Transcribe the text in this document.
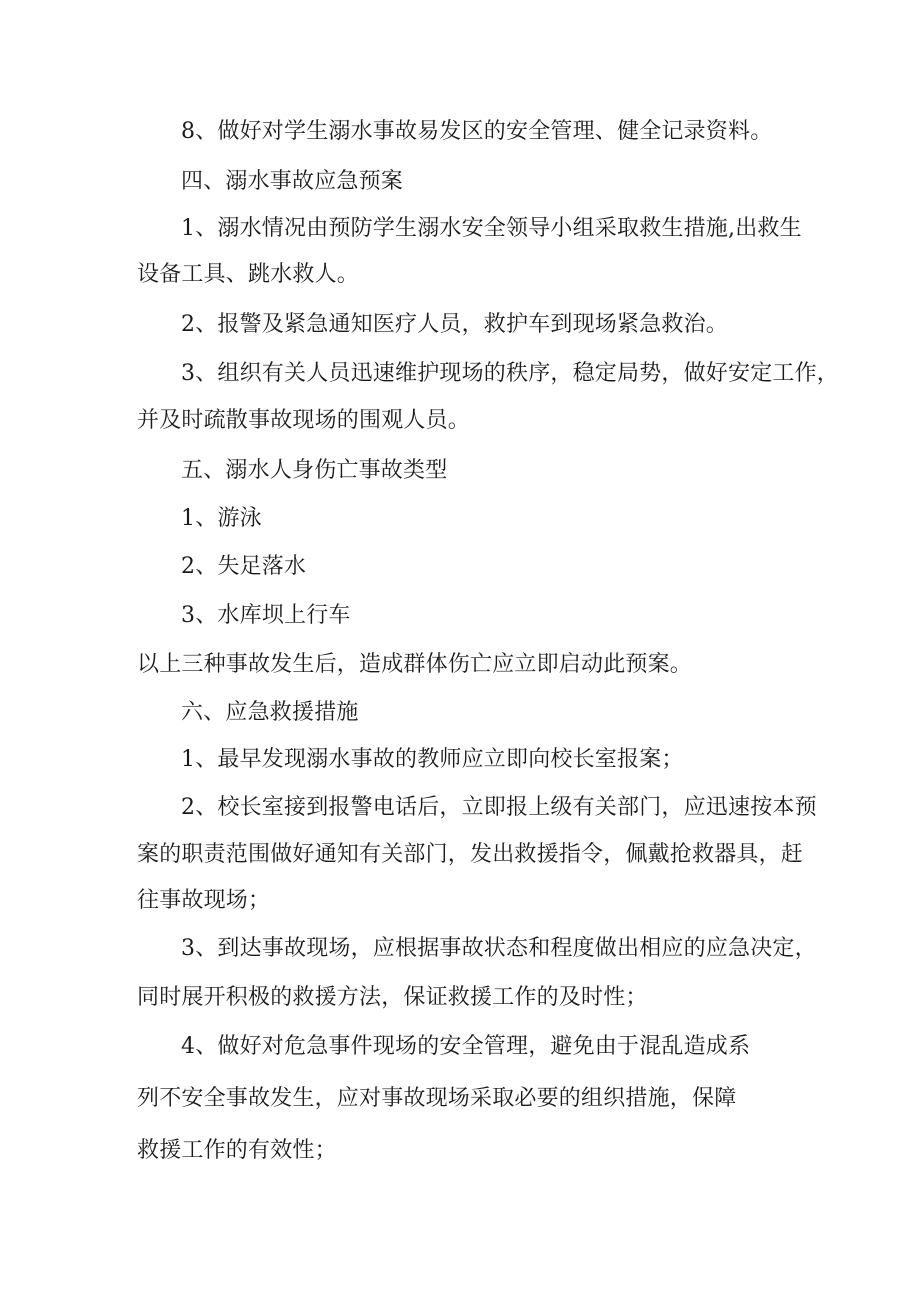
8、做好对学生溺水事故易发区的安全管理、健全记录资料。
四、溺水事故应急预案
1、溺水情况由预防学生溺水安全领导小组采取救生措施,出救生
设备工具、跳水救人。
2、报警及紧急通知医疗人员，救护车到现场紧急救治。
3、组织有关人员迅速维护现场的秩序，稳定局势，做好安定工作，
并及时疏散事故现场的围观人员。
五、溺水人身伤亡事故类型
1、游泳
2、失足落水
3、水库坝上行车
以上三种事故发生后，造成群体伤亡应立即启动此预案。
六、应急救援措施
1、最早发现溺水事故的教师应立即向校长室报案；
2、校长室接到报警电话后，立即报上级有关部门，应迅速按本预
案的职责范围做好通知有关部门，发出救援指令，佩戴抢救器具，赶
往事故现场；
3、到达事故现场，应根据事故状态和程度做出相应的应急决定，
同时展开积极的救援方法，保证救援工作的及时性；
4、做好对危急事件现场的安全管理，避免由于混乱造成系
列不安全事故发生，应对事故现场采取必要的组织措施，保障
救援工作的有效性；
